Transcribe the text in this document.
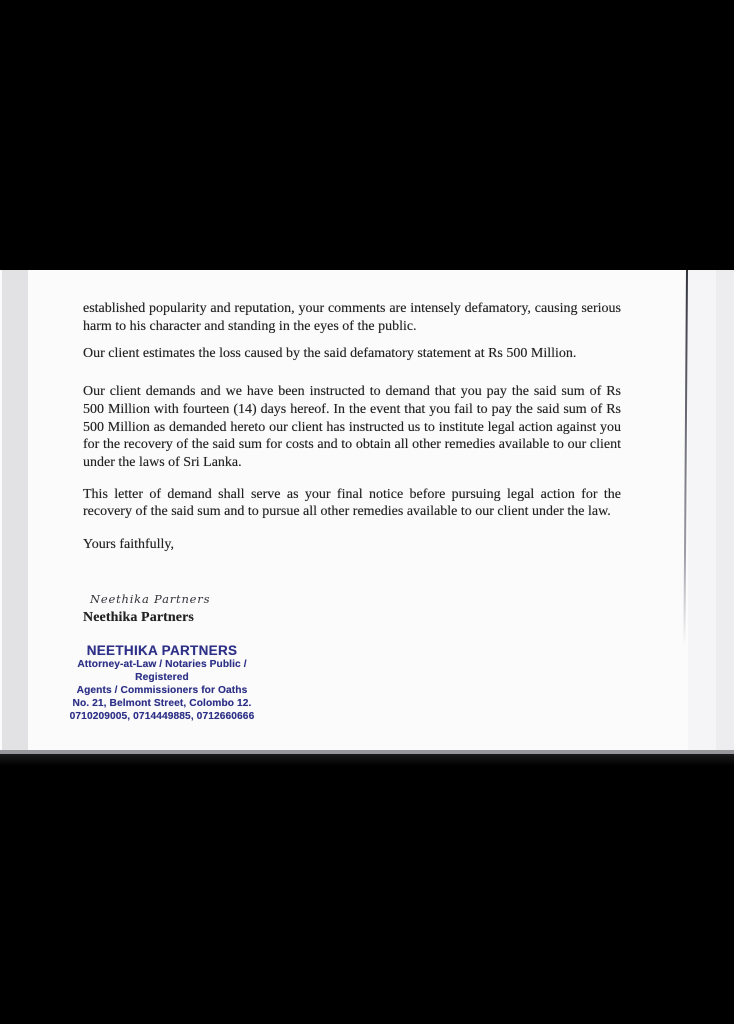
established popularity and reputation, your comments are intensely defamatory, causing serious harm to his character and standing in the eyes of the public.

Our client estimates the loss caused by the said defamatory statement at Rs 500 Million.

Our client demands and we have been instructed to demand that you pay the said sum of Rs 500 Million with fourteen (14) days hereof. In the event that you fail to pay the said sum of Rs 500 Million as demanded hereto our client has instructed us to institute legal action against you for the recovery of the said sum for costs and to obtain all other remedies available to our client under the laws of Sri Lanka.

This letter of demand shall serve as your final notice before pursuing legal action for the recovery of the said sum and to pursue all other remedies available to our client under the law.

Yours faithfully,

Neethika Partners
Neethika Partners
NEETHIKA PARTNERS
Attorney-at-Law / Notaries Public / Registered
Agents / Commissioners for Oaths
No. 21, Belmont Street, Colombo 12.
0710209005, 0714449885, 0712660666
